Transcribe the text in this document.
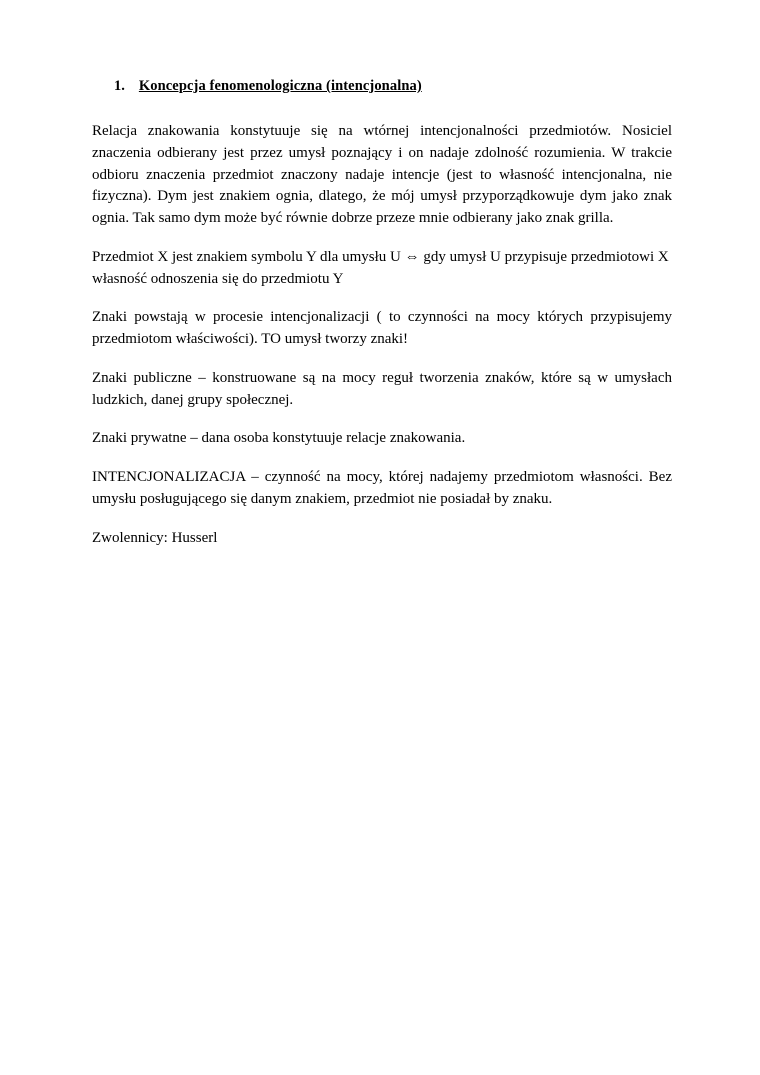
1. Koncepcja fenomenologiczna (intencjonalna)

Relacja znakowania konstytuuje się na wtórnej intencjonalności przedmiotów. Nosiciel znaczenia odbierany jest przez umysł poznający i on nadaje zdolność rozumienia. W trakcie odbioru znaczenia przedmiot znaczony nadaje intencje (jest to własność intencjonalna, nie fizyczna). Dym jest znakiem ognia, dlatego, że mój umysł przyporządkowuje dym jako znak ognia. Tak samo dym może być równie dobrze przeze mnie odbierany jako znak grilla.

Przedmiot X jest znakiem symbolu Y dla umysłu U ⇔ gdy umysł U przypisuje przedmiotowi X własność odnoszenia się do przedmiotu Y

Znaki powstają w procesie intencjonalizacji ( to czynności na mocy których przypisujemy przedmiotom właściwości). TO umysł tworzy znaki!

Znaki publiczne – konstruowane są na mocy reguł tworzenia znaków, które są w umysłach ludzkich, danej grupy społecznej.

Znaki prywatne – dana osoba konstytuuje relacje znakowania.

INTENCJONALIZACJA – czynność na mocy, której nadajemy przedmiotom własności. Bez umysłu posługującego się danym znakiem, przedmiot nie posiadał by znaku.

Zwolennicy: Husserl
